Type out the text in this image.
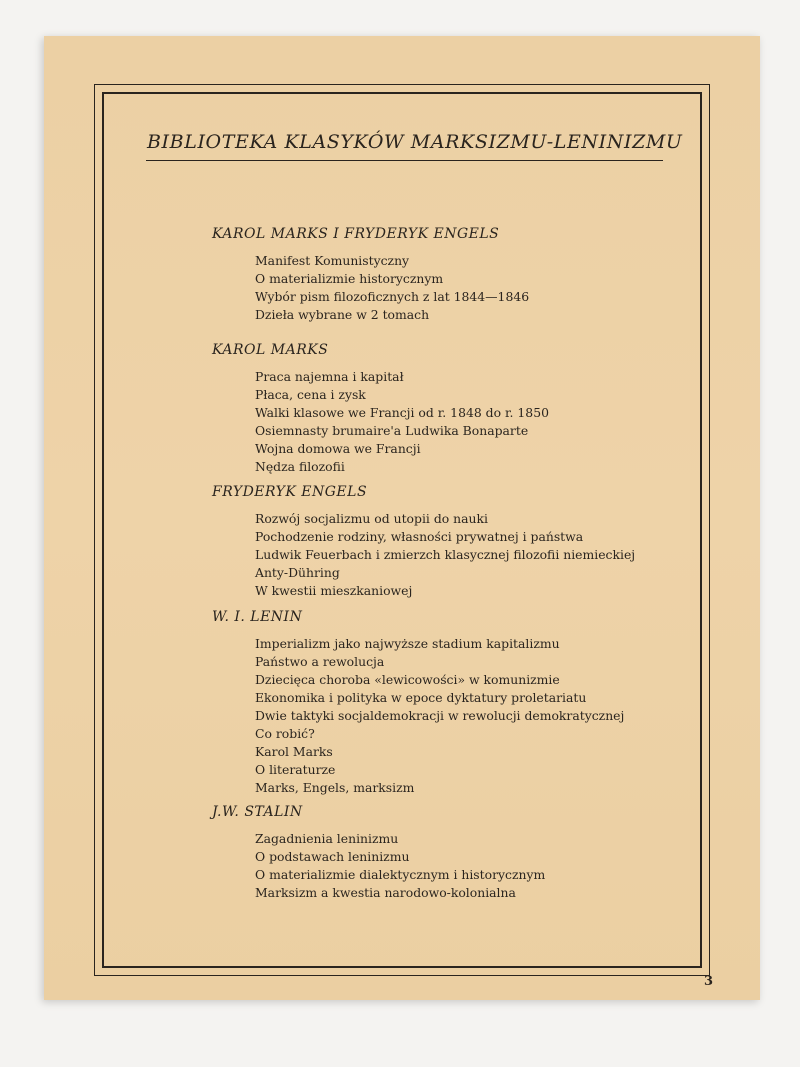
BIBLIOTEKA KLASYKÓW MARKSIZMU-LENINIZMU
KAROL MARKS I FRYDERYK ENGELS
Manifest Komunistyczny
O materializmie historycznym
Wybór pism filozoficznych z lat 1844—1846
Dzieła wybrane w 2 tomach
KAROL MARKS
Praca najemna i kapitał
Płaca, cena i zysk
Walki klasowe we Francji od r. 1848 do r. 1850
Osiemnasty brumaire'a Ludwika Bonaparte
Wojna domowa we Francji
Nędza filozofii
FRYDERYK ENGELS
Rozwój socjalizmu od utopii do nauki
Pochodzenie rodziny, własności prywatnej i państwa
Ludwik Feuerbach i zmierzch klasycznej filozofii niemieckiej
Anty-Dühring
W kwestii mieszkaniowej
W. I. LENIN
Imperializm jako najwyższe stadium kapitalizmu
Państwo a rewolucja
Dziecięca choroba «lewicowości» w komunizmie
Ekonomika i polityka w epoce dyktatury proletariatu
Dwie taktyki socjaldemokracji w rewolucji demokratycznej
Co robić?
Karol Marks
O literaturze
Marks, Engels, marksizm
J.W. STALIN
Zagadnienia leninizmu
O podstawach leninizmu
O materializmie dialektycznym i historycznym
Marksizm a kwestia narodowo-kolonialna
3
